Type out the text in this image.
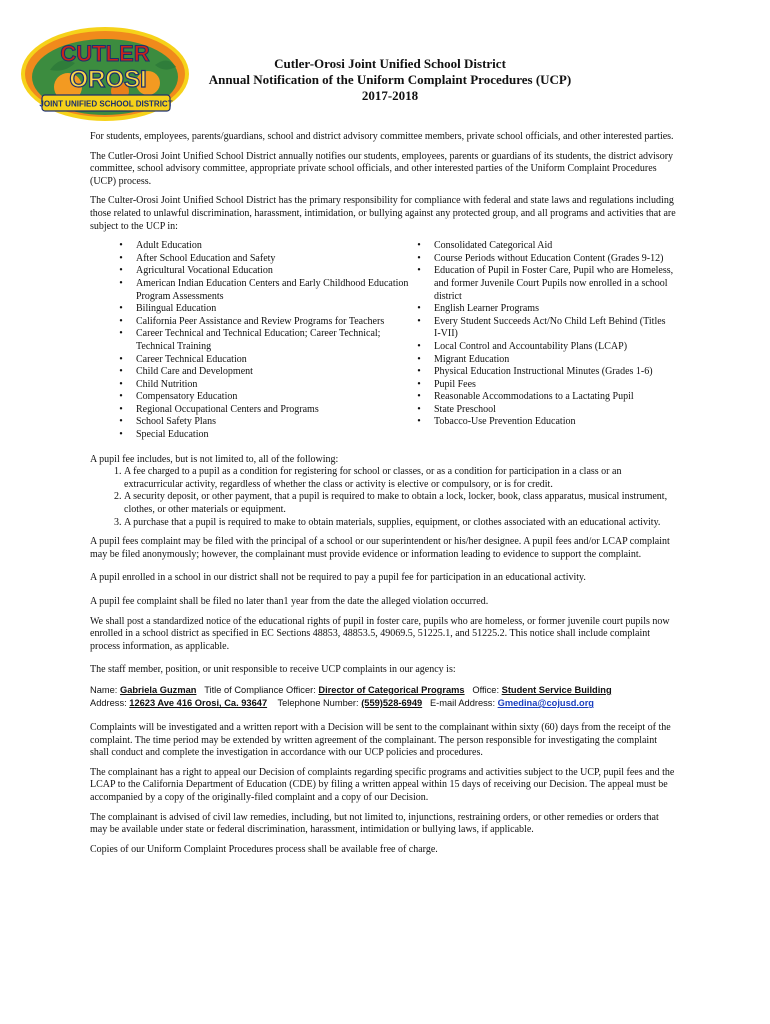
CUTLER
OROSI
JOINT UNIFIED SCHOOL DISTRICT
Cutler-Orosi Joint Unified School District
Annual Notification of the Uniform Complaint Procedures (UCP)
2017-2018

For students, employees, parents/guardians, school and district advisory committee members, private school officials, and other interested parties.

The Cutler-Orosi Joint Unified School District annually notifies our students, employees, parents or guardians of its students, the district advisory committee, school advisory committee, appropriate private school officials, and other interested parties of the Uniform Complaint Procedures (UCP) process.

The Culter-Orosi Joint Unified School District has the primary responsibility for compliance with federal and state laws and regulations including those related to unlawful discrimination, harassment, intimidation, or bullying against any protected group, and all programs and activities that are subject to the UCP in:

•	Adult Education
•	After School Education and Safety
•	Agricultural Vocational Education
•	American Indian Education Centers and Early Childhood Education Program Assessments
•	Bilingual Education
•	California Peer Assistance and Review Programs for Teachers
•	Career Technical and Technical Education; Career Technical; Technical Training
•	Career Technical Education
•	Child Care and Development
•	Child Nutrition
•	Compensatory Education
•	Regional Occupational Centers and Programs
•	School Safety Plans
•	Special Education
•	Consolidated Categorical Aid
•	Course Periods without Education Content (Grades 9-12)
•	Education of Pupil in Foster Care, Pupil who are Homeless, and former Juvenile Court Pupils now enrolled in a school district
•	English Learner Programs
•	Every Student Succeeds Act/No Child Left Behind (Titles I-VII)
•	Local Control and Accountability Plans (LCAP)
•	Migrant Education
•	Physical Education Instructional Minutes (Grades 1-6)
•	Pupil Fees
•	Reasonable Accommodations to a Lactating Pupil
•	State Preschool
•	Tobacco-Use Prevention Education

A pupil fee includes, but is not limited to, all of the following:

1. A fee charged to a pupil as a condition for registering for school or classes, or as a condition for participation in a class or an extracurricular activity, regardless of whether the class or activity is elective or compulsory, or is for credit.
2. A security deposit, or other payment, that a pupil is required to make to obtain a lock, locker, book, class apparatus, musical instrument, clothes, or other materials or equipment.
3. A purchase that a pupil is required to make to obtain materials, supplies, equipment, or clothes associated with an educational activity.

A pupil fees complaint may be filed with the principal of a school or our superintendent or his/her designee. A pupil fees and/or LCAP complaint may be filed anonymously; however, the complainant must provide evidence or information leading to evidence to support the complaint.

A pupil enrolled in a school in our district shall not be required to pay a pupil fee for participation in an educational activity.

A pupil fee complaint shall be filed no later than1 year from the date the alleged violation occurred.

We shall post a standardized notice of the educational rights of pupil in foster care, pupils who are homeless, or former juvenile court pupils now enrolled in a school district as specified in EC Sections 48853, 48853.5, 49069.5, 51225.1, and 51225.2. This notice shall include complaint process information, as applicable.

The staff member, position, or unit responsible to receive UCP complaints in our agency is:

Name: Gabriela Guzman Title of Compliance Officer: Director of Categorical Programs Office: Student Service Building
Address: 12623 Ave 416 Orosi, Ca. 93647 Telephone Number: (559)528-6949 E-mail Address: Gmedina@cojusd.org

Complaints will be investigated and a written report with a Decision will be sent to the complainant within sixty (60) days from the receipt of the complaint. The time period may be extended by written agreement of the complainant. The person responsible for investigating the complaint shall conduct and complete the investigation in accordance with our UCP policies and procedures.

The complainant has a right to appeal our Decision of complaints regarding specific programs and activities subject to the UCP, pupil fees and the LCAP to the California Department of Education (CDE) by filing a written appeal within 15 days of receiving our Decision. The appeal must be accompanied by a copy of the originally-filed complaint and a copy of our Decision.

The complainant is advised of civil law remedies, including, but not limited to, injunctions, restraining orders, or other remedies or orders that may be available under state or federal discrimination, harassment, intimidation or bullying laws, if applicable.

Copies of our Uniform Complaint Procedures process shall be available free of charge.
